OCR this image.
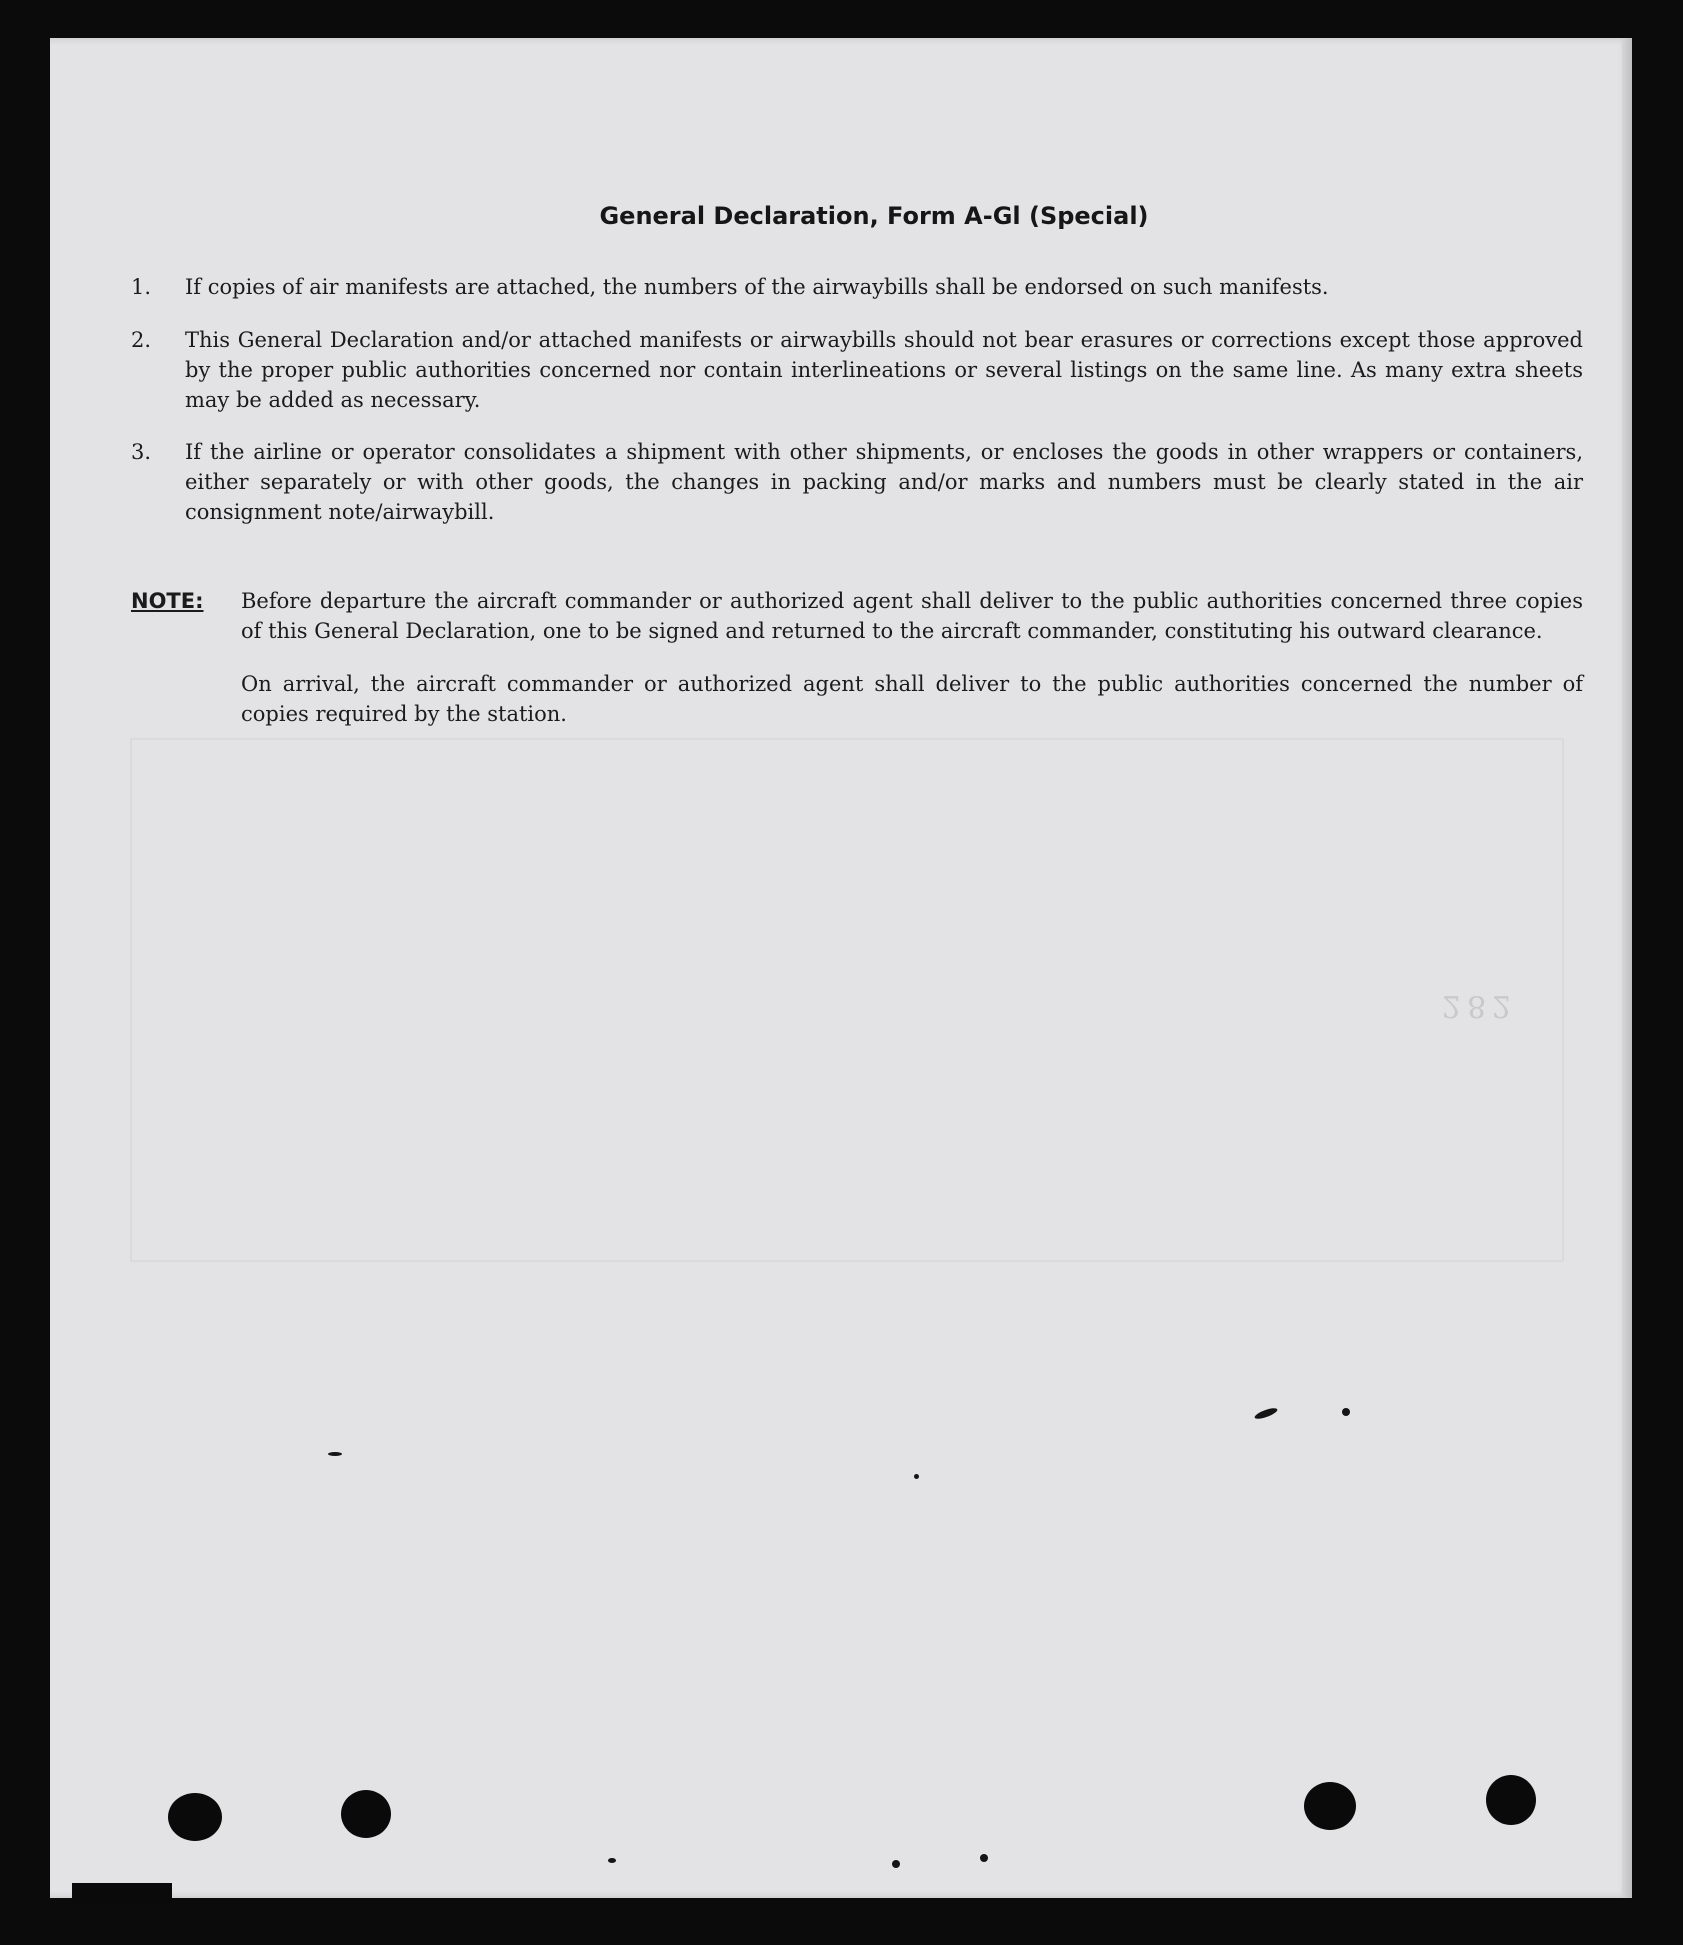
282
General Declaration, Form A-Gl (Special)
1.	If copies of air manifests are attached, the numbers of the airwaybills shall be endorsed on such manifests.
2.	This General Declaration and/or attached manifests or airwaybills should not bear erasures or corrections except those approved by the proper public authorities concerned nor contain interlineations or several listings on the same line. As many extra sheets may be added as necessary.
3.	If the airline or operator consolidates a shipment with other shipments, or encloses the goods in other wrappers or containers, either separately or with other goods, the changes in packing and/or marks and numbers must be clearly stated in the air consignment note/airwaybill.
NOTE: Before departure the aircraft commander or authorized agent shall deliver to the public authorities concerned three copies of this General Declaration, one to be signed and returned to the aircraft commander, constituting his outward clearance.
On arrival, the aircraft commander or authorized agent shall deliver to the public authorities concerned the number of copies required by the station.
